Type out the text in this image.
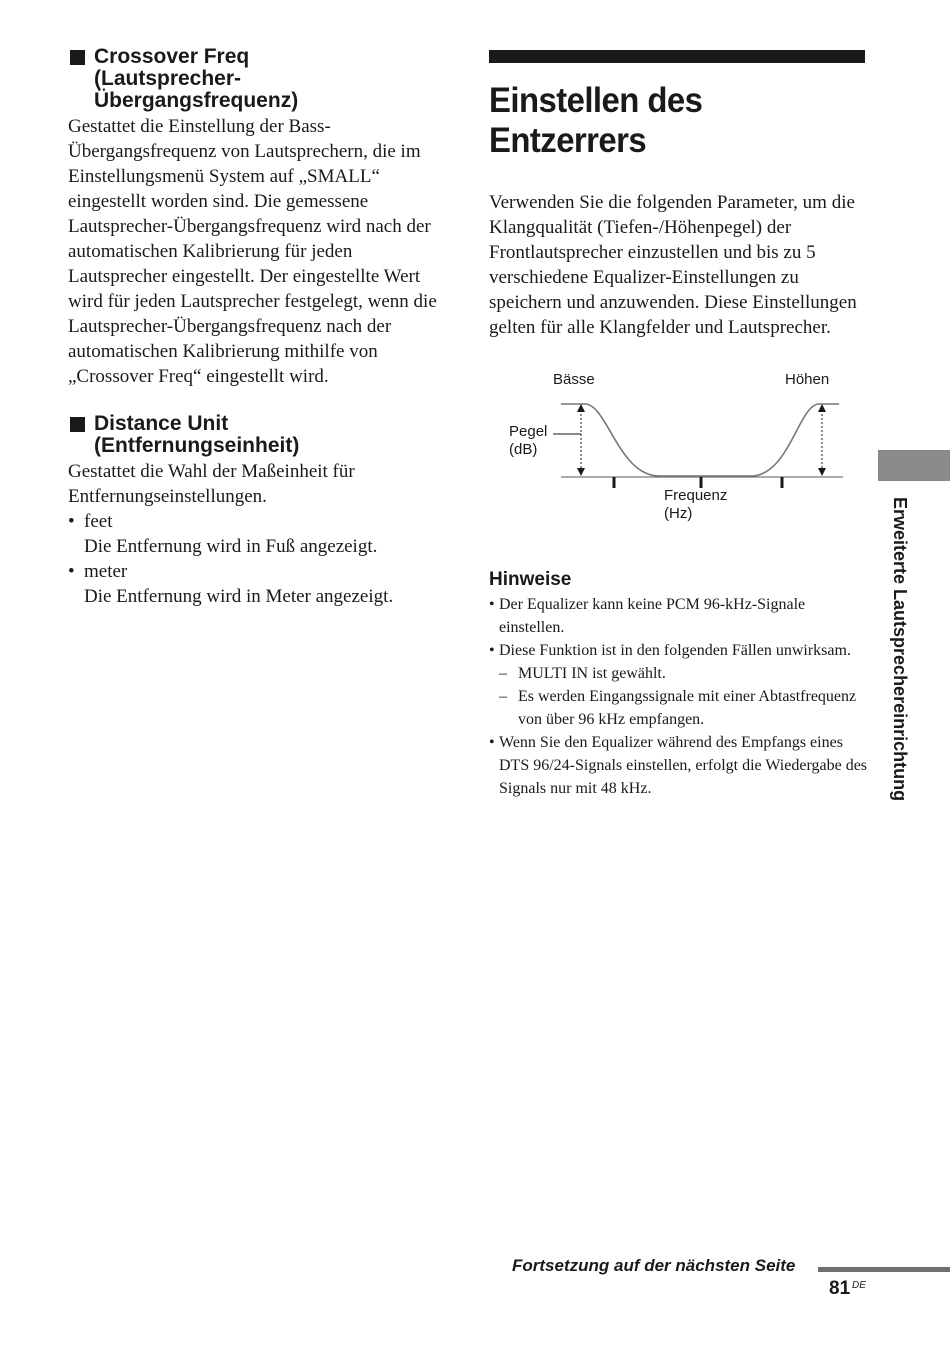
Crossover Freq
(Lautsprecher-
Übergangsfrequenz)

Gestattet die Einstellung der Bass-Übergangsfrequenz von Lautsprechern, die im Einstellungsmenü System auf „SMALL“ eingestellt worden sind. Die gemessene Lautsprecher-Übergangsfrequenz wird nach der automatischen Kalibrierung für jeden Lautsprecher eingestellt. Der eingestellte Wert wird für jeden Lautsprecher festgelegt, wenn die Lautsprecher-Übergangsfrequenz nach der automatischen Kalibrierung mithilfe von „Crossover Freq“ eingestellt wird.

Distance Unit
(Entfernungseinheit)

Gestattet die Wahl der Maßeinheit für Entfernungseinstellungen.

• feet
Die Entfernung wird in Fuß angezeigt.
• meter
Die Entfernung wird in Meter angezeigt.
Einstellen des Entzerrers

Verwenden Sie die folgenden Parameter, um die Klangqualität (Tiefen-/Höhenpegel) der Frontlautsprecher einzustellen und bis zu 5 verschiedene Equalizer-Einstellungen zu speichern und anzuwenden. Diese Einstellungen gelten für alle Klangfelder und Lautsprecher.

Bässe	Höhen
Pegel
(dB)
Frequenz
(Hz)
Hinweise
• Der Equalizer kann keine PCM 96-kHz-Signale einstellen.
• Diese Funktion ist in den folgenden Fällen unwirksam.
– MULTI IN ist gewählt.
– Es werden Eingangssignale mit einer Abtastfrequenz von über 96 kHz empfangen.
• Wenn Sie den Equalizer während des Empfangs eines DTS 96/24-Signals einstellen, erfolgt die Wiedergabe des Signals nur mit 48 kHz.	Erweiterte Lautsprechereinrichtung
Fortsetzung auf der nächsten Seite
81 DE
